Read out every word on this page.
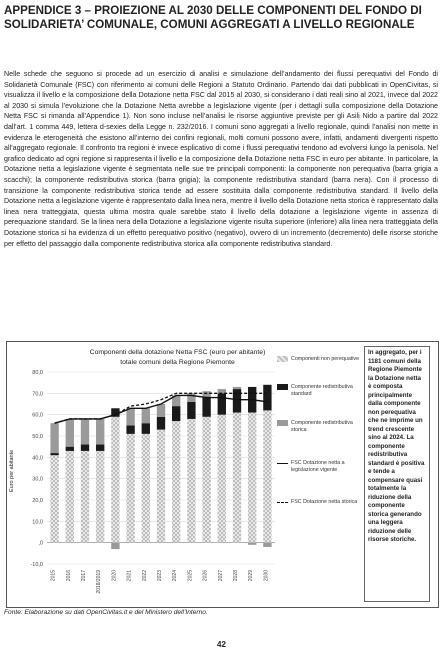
APPENDICE 3 – PROIEZIONE AL 2030 DELLE COMPONENTI DEL FONDO DI SOLIDARIETA’ COMUNALE, COMUNI AGGREGATI A LIVELLO REGIONALE
Nelle schede che seguono si procede ad un esercizio di analisi e simulazione dell’andamento dei flussi perequativi del Fondo di Solidarietà Comunale (FSC) con riferimento ai comuni delle Regioni a Statuto Ordinario. Partendo dai dati pubblicati in OpenCivitas, si visualizza il livello e la composizione della Dotazione netta FSC dal 2015 al 2030, si considerano i dati reali sino al 2021, invece dal 2022 al 2030 si simula l’evoluzione che la Dotazione Netta avrebbe a legislazione vigente (per i dettagli sulla composizione della Dotazione Netta FSC si rimanda all’Appendice 1). Non sono incluse nell’analisi le risorse aggiuntive previste per gli Asili Nido a partire dal 2022 dall’art. 1 comma 449, lettera d-sexies della Legge n. 232/2016. I comuni sono aggregati a livello regionale, quindi l’analisi non mette in evidenza le eterogeneità che esistono all’interno dei confini regionali, molti comuni possono avere, infatti, andamenti divergenti rispetto all’aggregato regionale. Il confronto tra regioni è invece esplicativo di come i flussi perequativi tendono ad evolversi lungo la penisola. Nel grafico dedicato ad ogni regione si rappresenta il livello e la composizione della Dotazione netta FSC in euro per abitante. In particolare, la Dotazione netta a legislazione vigente è segmentata nelle sue tre principali componenti: la componente non perequativa (barra grigia a scacchi); la componente redistributiva storica (barra grigia); la componente redistributiva standard (barra nera). Con il processo di transizione la componente redistributiva storica tende ad essere sostituita dalla componente redistributiva standard. Il livello della Dotazione netta a legislazione vigente è rappresentato dalla linea nera, mentre il livello della Dotazione netta storica è rappresentato dalla linea nera tratteggiata, questa ultima mostra quale sarebbe stato il livello della dotazione a legislazione vigente in assenza di perequazione standard. Se la linea nera della Dotazione a legislazione vigente risulta superiore (inferiore) alla linea nera tratteggiata della Dotazione storica si ha evidenza di un effetto perequativo positivo (negativo), ovvero di un incremento (decremento) delle risorse storiche per effetto del passaggio dalla componente redistributiva storica alla componente redistributiva standard.
-10,0
,0
10,0
20,0
30,0
40,0
50,0
60,0
70,0
80,0
2015 2016 2017 2018/2019 2020 2021 2022 2023 2024 2025 2026 2027 2028 2029 2030
Componenti della dotazione Netta FSC (euro per abitante)
totale comuni della Regione Piemonte
Euro per abitante
Componenti non perequative
Componente redistributiva standard
Componente redistributiva storica
FSC Dotazione netta a legislazione vigente
FSC Dotazione netta storica
In aggregato, per i 1181 comuni della Regione Piemonte la Dotazione netta è composta principalmente dalla componente non perequativa che ne imprime un trend crescente sino al 2024. La componente redistributiva standard è positiva e tende a compensare quasi totalmente la riduzione della componente storica generando una leggera riduzione delle risorse storiche.
Fonte: Elaborazione su dati OpenCivitas.it e del Ministero dell’Interno.
42
